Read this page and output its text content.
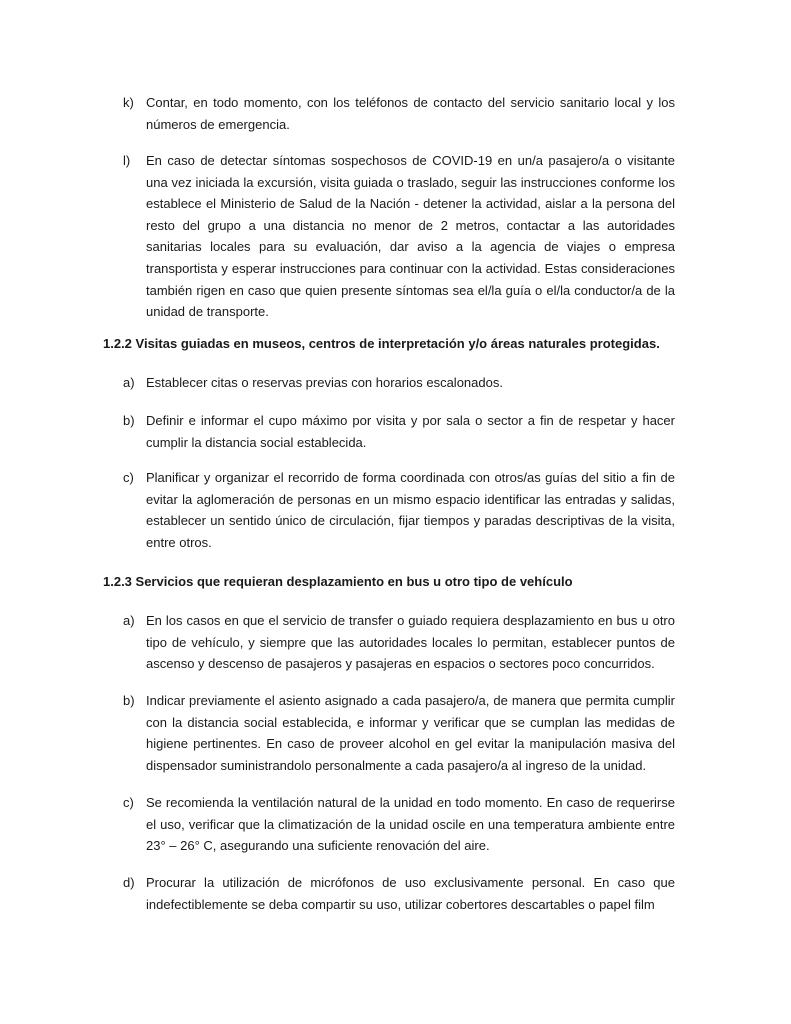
k) Contar, en todo momento, con los teléfonos de contacto del servicio sanitario local y los números de emergencia.
l)	En caso de detectar síntomas sospechosos de COVID-19 en un/a pasajero/a o visitante una vez iniciada la excursión, visita guiada o traslado, seguir las instrucciones conforme los establece el Ministerio de Salud de la Nación - detener la actividad, aislar a la persona del resto del grupo a una distancia no menor de 2 metros, contactar a las autoridades sanitarias locales para su evaluación, dar aviso a la agencia de viajes o empresa transportista y esperar instrucciones para continuar con la actividad. Estas consideraciones también rigen en caso que quien presente síntomas sea el/la guía o el/la conductor/a de la unidad de transporte.
1.2.2 Visitas guiadas en museos, centros de interpretación y/o áreas naturales protegidas.
a) Establecer citas o reservas previas con horarios escalonados.
b) Definir e informar el cupo máximo por visita y por sala o sector a fin de respetar y hacer cumplir la distancia social establecida.
c) Planificar y organizar el recorrido de forma coordinada con otros/as guías del sitio a fin de evitar la aglomeración de personas en un mismo espacio identificar las entradas y salidas, establecer un sentido único de circulación, fijar tiempos y paradas descriptivas de la visita, entre otros.
1.2.3 Servicios que requieran desplazamiento en bus u otro tipo de vehículo
a) En los casos en que el servicio de transfer o guiado requiera desplazamiento en bus u otro tipo de vehículo, y siempre que las autoridades locales lo permitan, establecer puntos de ascenso y descenso de pasajeros y pasajeras en espacios o sectores poco concurridos.
b) Indicar previamente el asiento asignado a cada pasajero/a, de manera que permita cumplir con la distancia social establecida, e informar y verificar que se cumplan las medidas de higiene pertinentes. En caso de proveer alcohol en gel evitar la manipulación masiva del dispensador suministrandolo personalmente a cada pasajero/a al ingreso de la unidad.
c) Se recomienda la ventilación natural de la unidad en todo momento. En caso de requerirse el uso, verificar que la climatización de la unidad oscile en una temperatura ambiente entre 23° – 26° C, asegurando una suficiente renovación del aire.
d) Procurar la utilización de micrófonos de uso exclusivamente personal. En caso que indefectiblemente se deba compartir su uso, utilizar cobertores descartables o papel film
